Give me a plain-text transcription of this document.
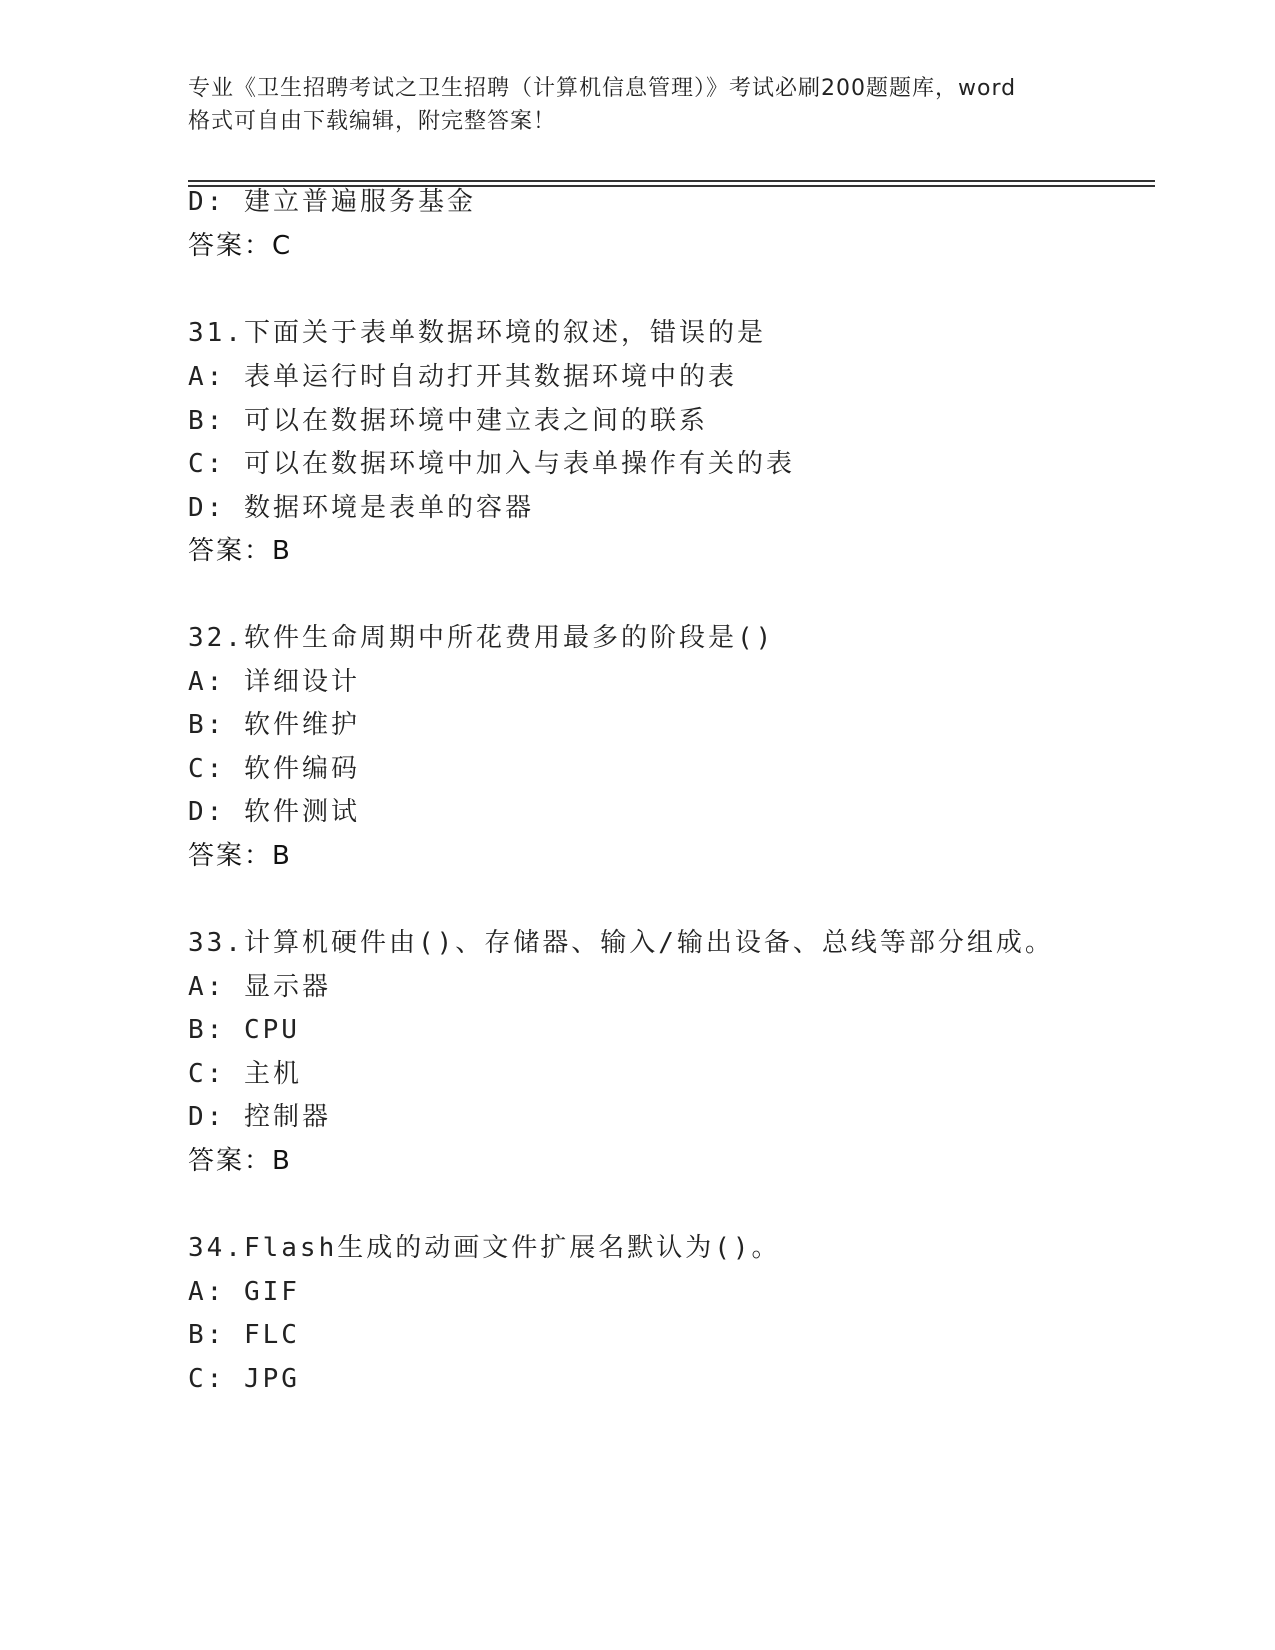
专业《卫生招聘考试之卫生招聘（计算机信息管理）》考试必刷200题题库，word
格式可自由下载编辑，附完整答案！
D: 建立普遍服务基金
答案：C
31.下面关于表单数据环境的叙述，错误的是
A: 表单运行时自动打开其数据环境中的表
B: 可以在数据环境中建立表之间的联系
C: 可以在数据环境中加入与表单操作有关的表
D: 数据环境是表单的容器
答案：B
32.软件生命周期中所花费用最多的阶段是()
A: 详细设计
B: 软件维护
C: 软件编码
D: 软件测试
答案：B
33.计算机硬件由()、存储器、输入/输出设备、总线等部分组成。
A: 显示器
B: CPU
C: 主机
D: 控制器
答案：B
34.Flash生成的动画文件扩展名默认为()。
A: GIF
B: FLC
C: JPG
